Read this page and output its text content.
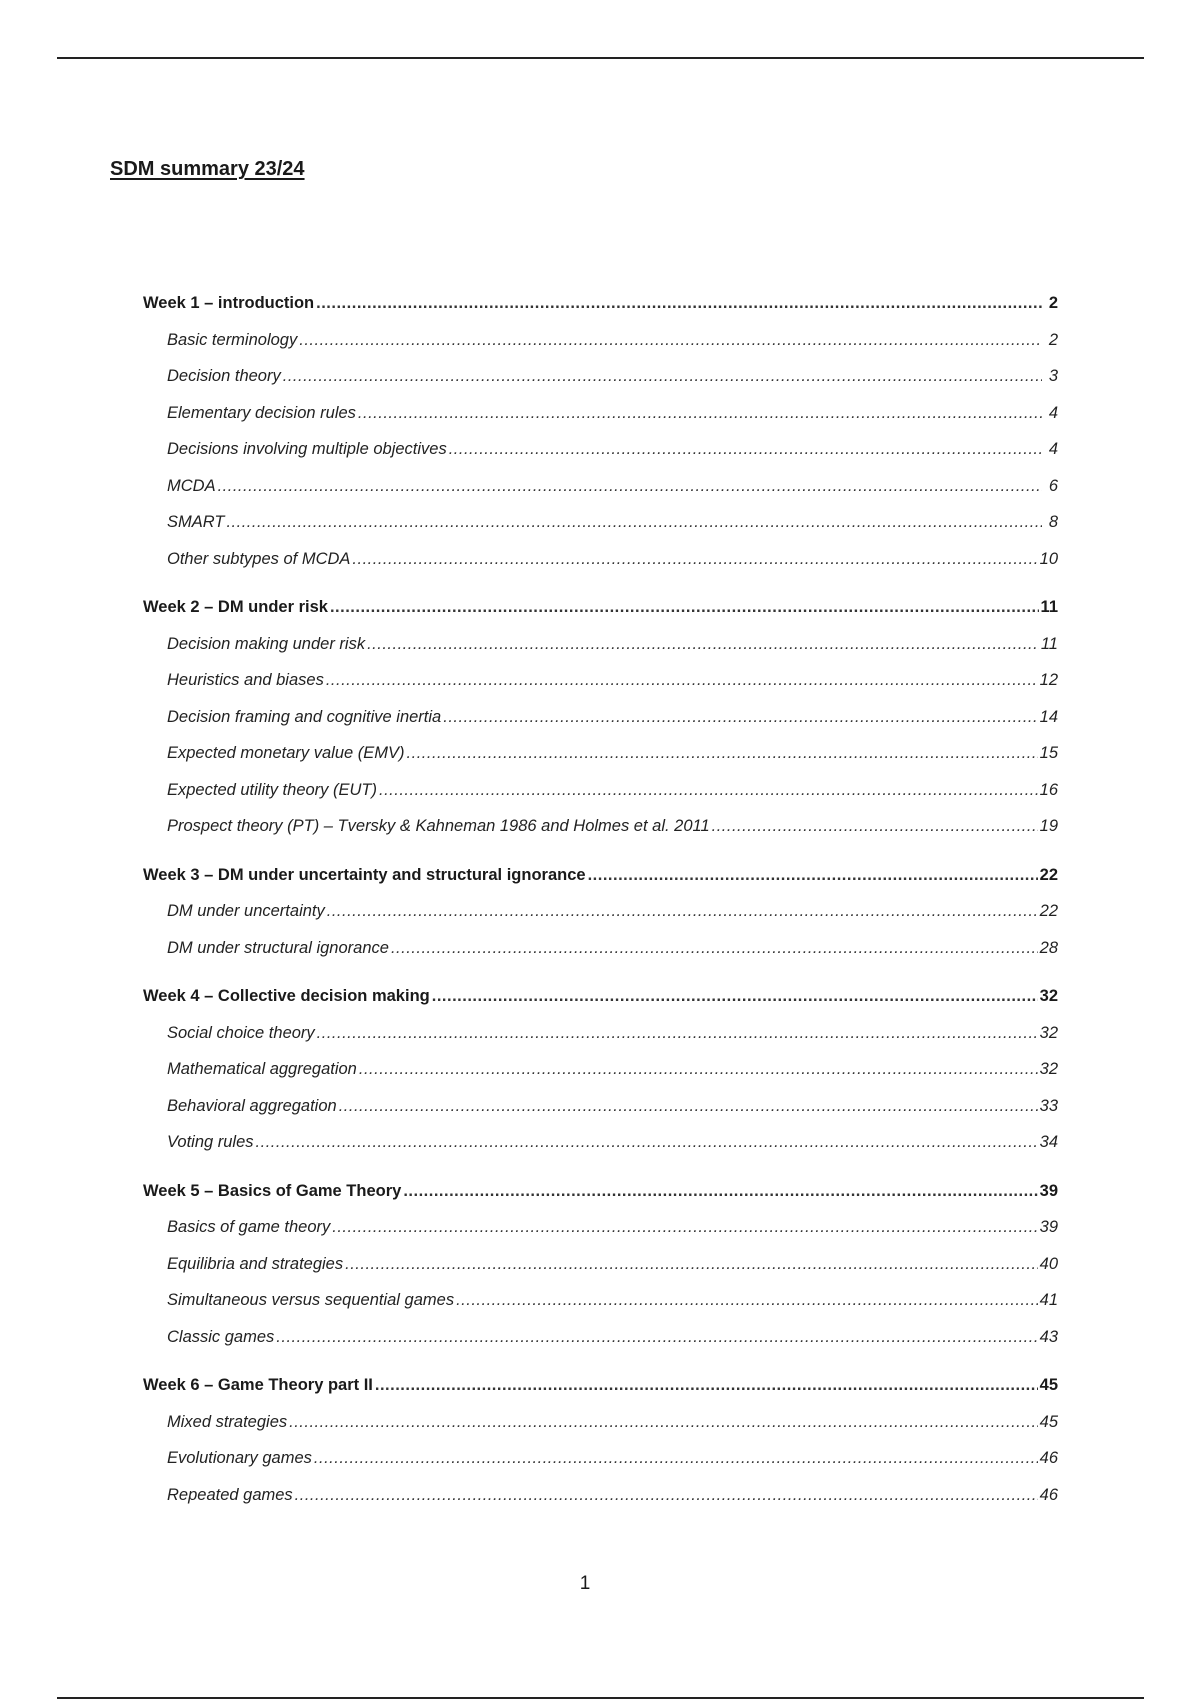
SDM summary 23/24
Week 1 – introduction .....	2
Basic terminology .....	2
Decision theory .....	3
Elementary decision rules .....	4
Decisions involving multiple objectives .....	4
MCDA .....	6
SMART .....	8
Other subtypes of MCDA .....	10
Week 2 – DM under risk .....	11
Decision making under risk .....	11
Heuristics and biases .....	12
Decision framing and cognitive inertia .....	14
Expected monetary value (EMV) .....	15
Expected utility theory (EUT) .....	16
Prospect theory (PT) – Tversky & Kahneman 1986 and Holmes et al. 2011 .....	19
Week 3 – DM under uncertainty and structural ignorance .....	22
DM under uncertainty .....	22
DM under structural ignorance .....	28
Week 4 – Collective decision making .....	32
Social choice theory .....	32
Mathematical aggregation .....	32
Behavioral aggregation .....	33
Voting rules .....	34
Week 5 – Basics of Game Theory .....	39
Basics of game theory .....	39
Equilibria and strategies .....	40
Simultaneous versus sequential games .....	41
Classic games .....	43
Week 6 – Game Theory part II .....	45
Mixed strategies .....	45
Evolutionary games .....	46
Repeated games .....	46
1
